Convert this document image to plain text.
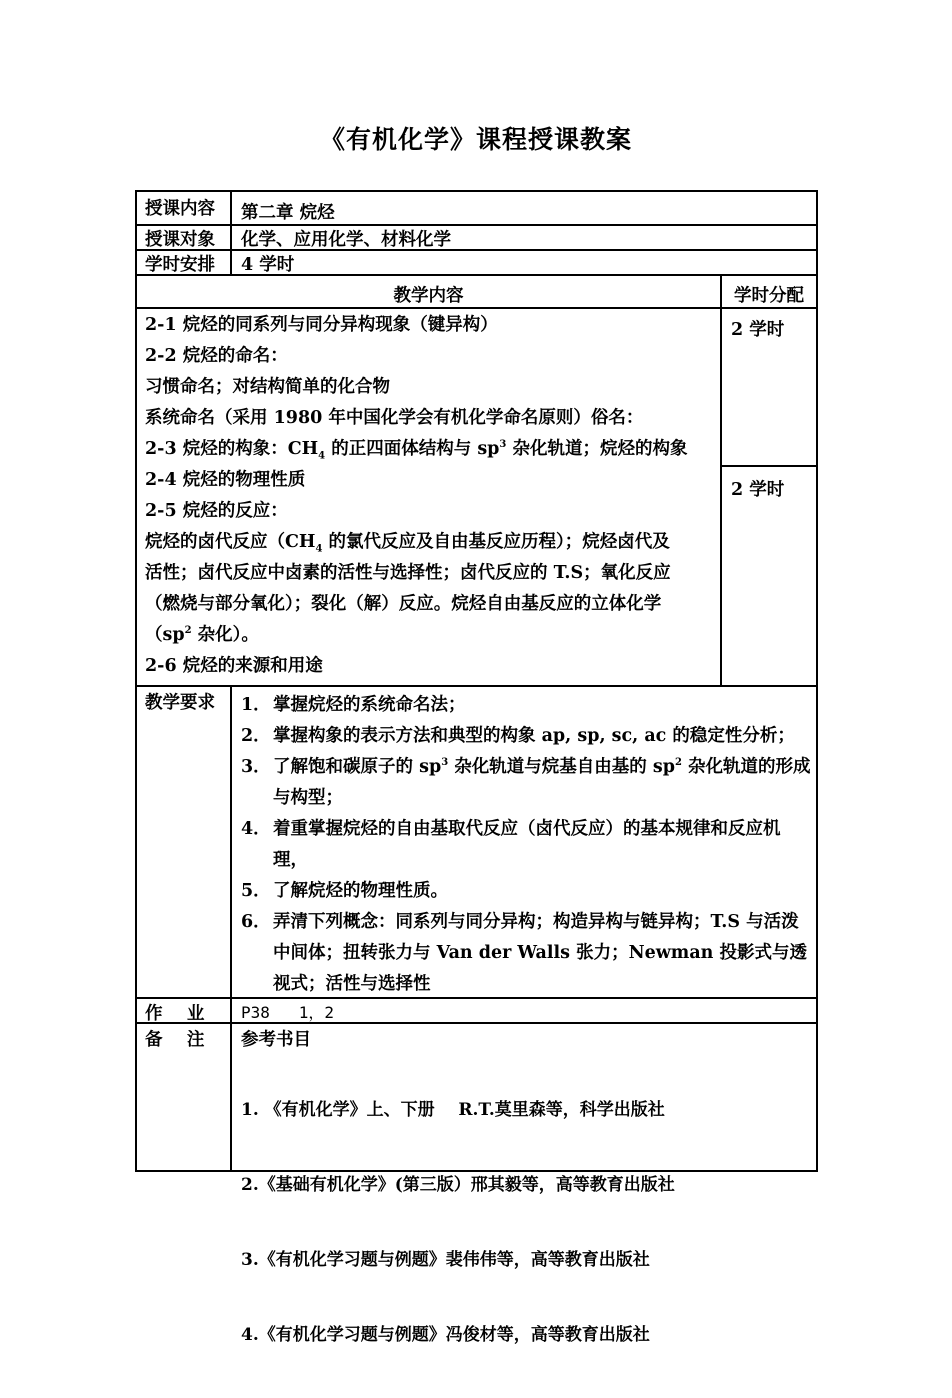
《有机化学》课程授课教案
授课内容 第二章 烷烃
授课对象 化学、应用化学、材料化学
学时安排 4 学时
教学内容	学时分配
2-1 烷烃的同系列与同分异构现象（键异构）
2-2 烷烃的命名：
习惯命名；对结构简单的化合物
系统命名（采用 1980 年中国化学会有机化学命名原则）俗名：
2-3 烷烃的构象：$CH_4$ 的正四面体结构与 $sp^3$ 杂化轨道；烷烃的构象
2-4 烷烃的物理性质
2-5 烷烃的反应：
烷烃的卤代反应（$CH_4$ 的氯代反应及自由基反应历程）；烷烃卤代及
活性；卤代反应中卤素的活性与选择性；卤代反应的 T.S；氧化反应
（燃烧与部分氧化）；裂化（解）反应。烷烃自由基反应的立体化学
（$sp^2$ 杂化）。
2-6 烷烃的来源和用途
2 学时
2 学时
教学要求 1． 掌握烷烃的系统命名法；
2． 掌握构象的表示方法和典型的构象 ap, sp, sc, ac 的稳定性分析；
3． 了解饱和碳原子的 $sp^3$ 杂化轨道与烷基自由基的 $sp^2$ 杂化轨道的形成与构型；
4． 着重掌握烷烃的自由基取代反应（卤代反应）的基本规律和反应机理，
5． 了解烷烃的物理性质。
6． 弄清下列概念：同系列与同分异构；构造异构与链异构；T.S 与活泼中间体；扭转张力与 Van der Walls 张力；Newman 投影式与透视式；活性与选择性
作    业 P38   1，2
备    注 参考书目

1. 《有机化学》上、下册    R.T.莫里森等，科学出版社

2.《基础有机化学》(第三版）邢其毅等，高等教育出版社

3.《有机化学习题与例题》裴伟伟等，高等教育出版社

4.《有机化学习题与例题》冯俊材等，高等教育出版社
